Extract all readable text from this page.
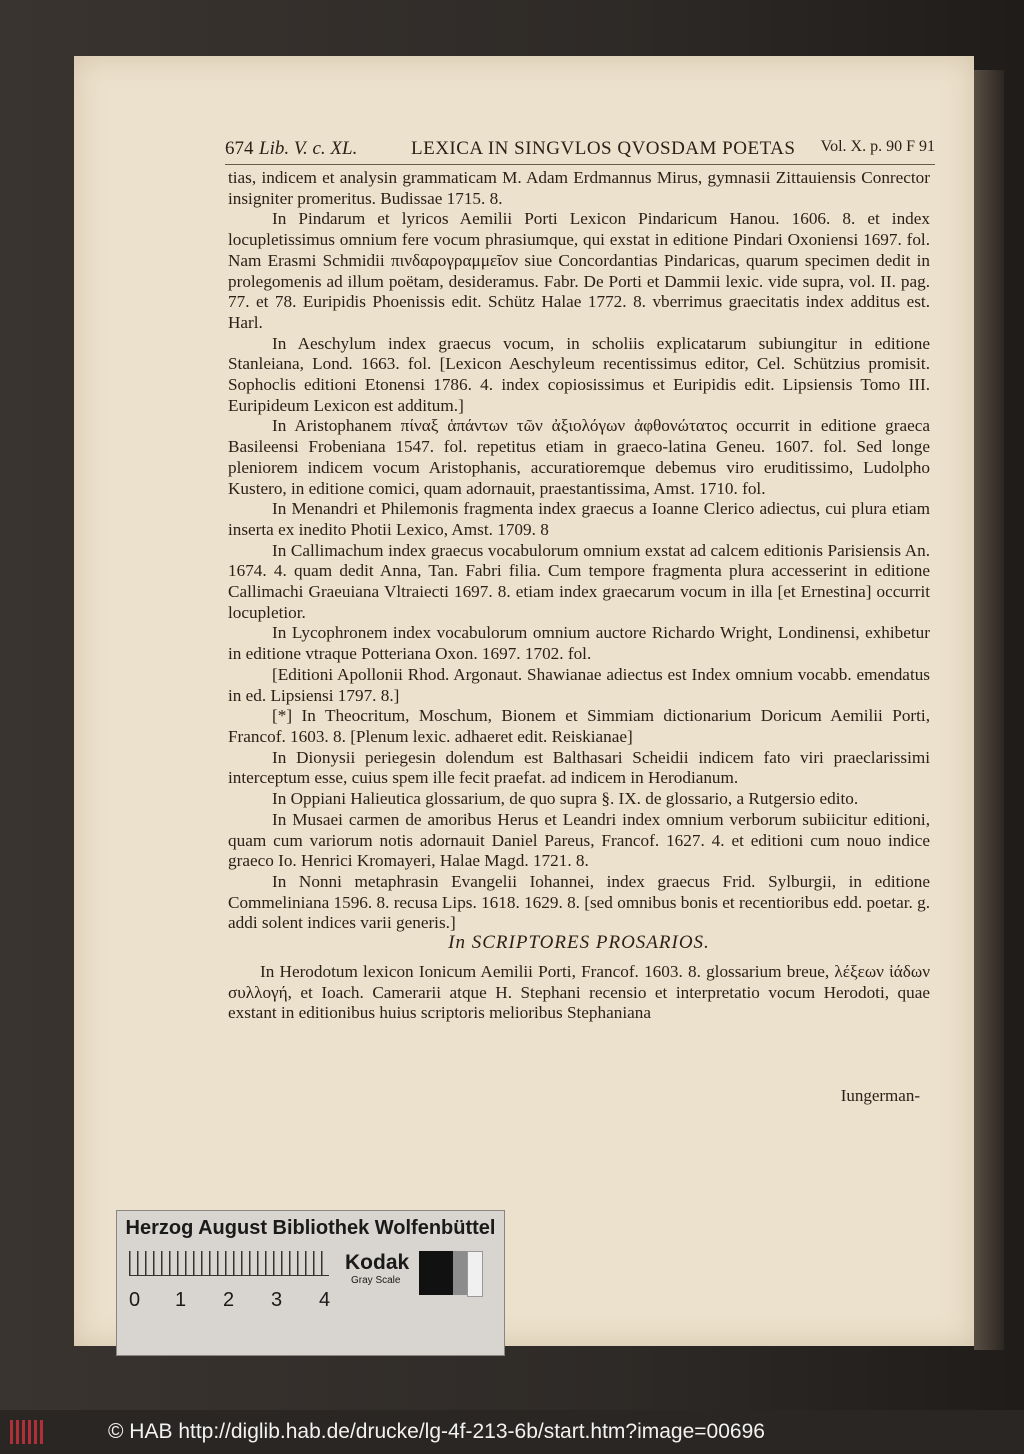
674 Lib. V. c. XL.	LEXICA IN SINGVLOS QVOSDAM POETAS Vol. X. p. 90 F 91

tias, indicem et analysin grammaticam M. Adam Erdmannus Mirus, gymnasii Zittauiensis Conrector insigniter promeritus. Budissae 1715. 8.

In Pindarum et lyricos Aemilii Porti Lexicon Pindaricum Hanou. 1606. 8. et index locupletissimus omnium fere vocum phrasiumque, qui exstat in editione Pindari Oxoniensi 1697. fol. Nam Erasmi Schmidii πινδαρογραμμεῖον siue Concordantias Pindaricas, quarum specimen dedit in prolegomenis ad illum poëtam, desideramus. Fabr. De Porti et Dammii lexic. vide supra, vol. II. pag. 77. et 78. Euripidis Phoenissis edit. Schütz Halae 1772. 8. vberrimus graecitatis index additus est. Harl.

In Aeschylum index graecus vocum, in scholiis explicatarum subiungitur in editione Stanleiana, Lond. 1663. fol. [Lexicon Aeschyleum recentissimus editor, Cel. Schützius promisit. Sophoclis editioni Etonensi 1786. 4. index copiosissimus et Euripidis edit. Lipsiensis Tomo III. Euripideum Lexicon est additum.]

In Aristophanem πίναξ ἁπάντων τῶν ἀξιολόγων ἀφθονώτατος occurrit in editione graeca Basileensi Frobeniana 1547. fol. repetitus etiam in graeco-latina Geneu. 1607. fol. Sed longe pleniorem indicem vocum Aristophanis, accuratioremque debemus viro eruditissimo, Ludolpho Kustero, in editione comici, quam adornauit, praestantissima, Amst. 1710. fol.

In Menandri et Philemonis fragmenta index graecus a Ioanne Clerico adiectus, cui plura etiam inserta ex inedito Photii Lexico, Amst. 1709. 8

In Callimachum index graecus vocabulorum omnium exstat ad calcem editionis Parisiensis An. 1674. 4. quam dedit Anna, Tan. Fabri filia. Cum tempore fragmenta plura accesserint in editione Callimachi Graeuiana Vltraiecti 1697. 8. etiam index graecarum vocum in illa [et Ernestina] occurrit locupletior.

In Lycophronem index vocabulorum omnium auctore Richardo Wright, Londinensi, exhibetur in editione vtraque Potteriana Oxon. 1697. 1702. fol.

[Editioni Apollonii Rhod. Argonaut. Shawianae adiectus est Index omnium vocabb. emendatus in ed. Lipsiensi 1797. 8.]

[*] In Theocritum, Moschum, Bionem et Simmiam dictionarium Doricum Aemilii Porti, Francof. 1603. 8. [Plenum lexic. adhaeret edit. Reiskianae]

In Dionysii periegesin dolendum est Balthasari Scheidii indicem fato viri praeclarissimi interceptum esse, cuius spem ille fecit praefat. ad indicem in Herodianum.

In Oppiani Halieutica glossarium, de quo supra §. IX. de glossario, a Rutgersio edito.

In Musaei carmen de amoribus Herus et Leandri index omnium verborum subiicitur editioni, quam cum variorum notis adornauit Daniel Pareus, Francof. 1627. 4. et editioni cum nouo indice graeco Io. Henrici Kromayeri, Halae Magd. 1721. 8.

In Nonni metaphrasin Evangelii Iohannei, index graecus Frid. Sylburgii, in editione Commeliniana 1596. 8. recusa Lips. 1618. 1629. 8. [sed omnibus bonis et recentioribus edd. poetar. g. addi solent indices varii generis.]

In SCRIPTORES PROSARIOS.

In Herodotum lexicon Ionicum Aemilii Porti, Francof. 1603. 8. glossarium breue, λέξεων ἰάδων συλλογή, et Ioach. Camerarii atque H. Stephani recensio et interpretatio vocum Herodoti, quae exstant in editionibus huius scriptoris melioribus Stephaniana

Iungerman-
Herzog August Bibliothek Wolfenbüttel
0 1 2 3 4
Kodak
Gray Scale
© HAB http://diglib.hab.de/drucke/lg-4f-213-6b/start.htm?image=00696
